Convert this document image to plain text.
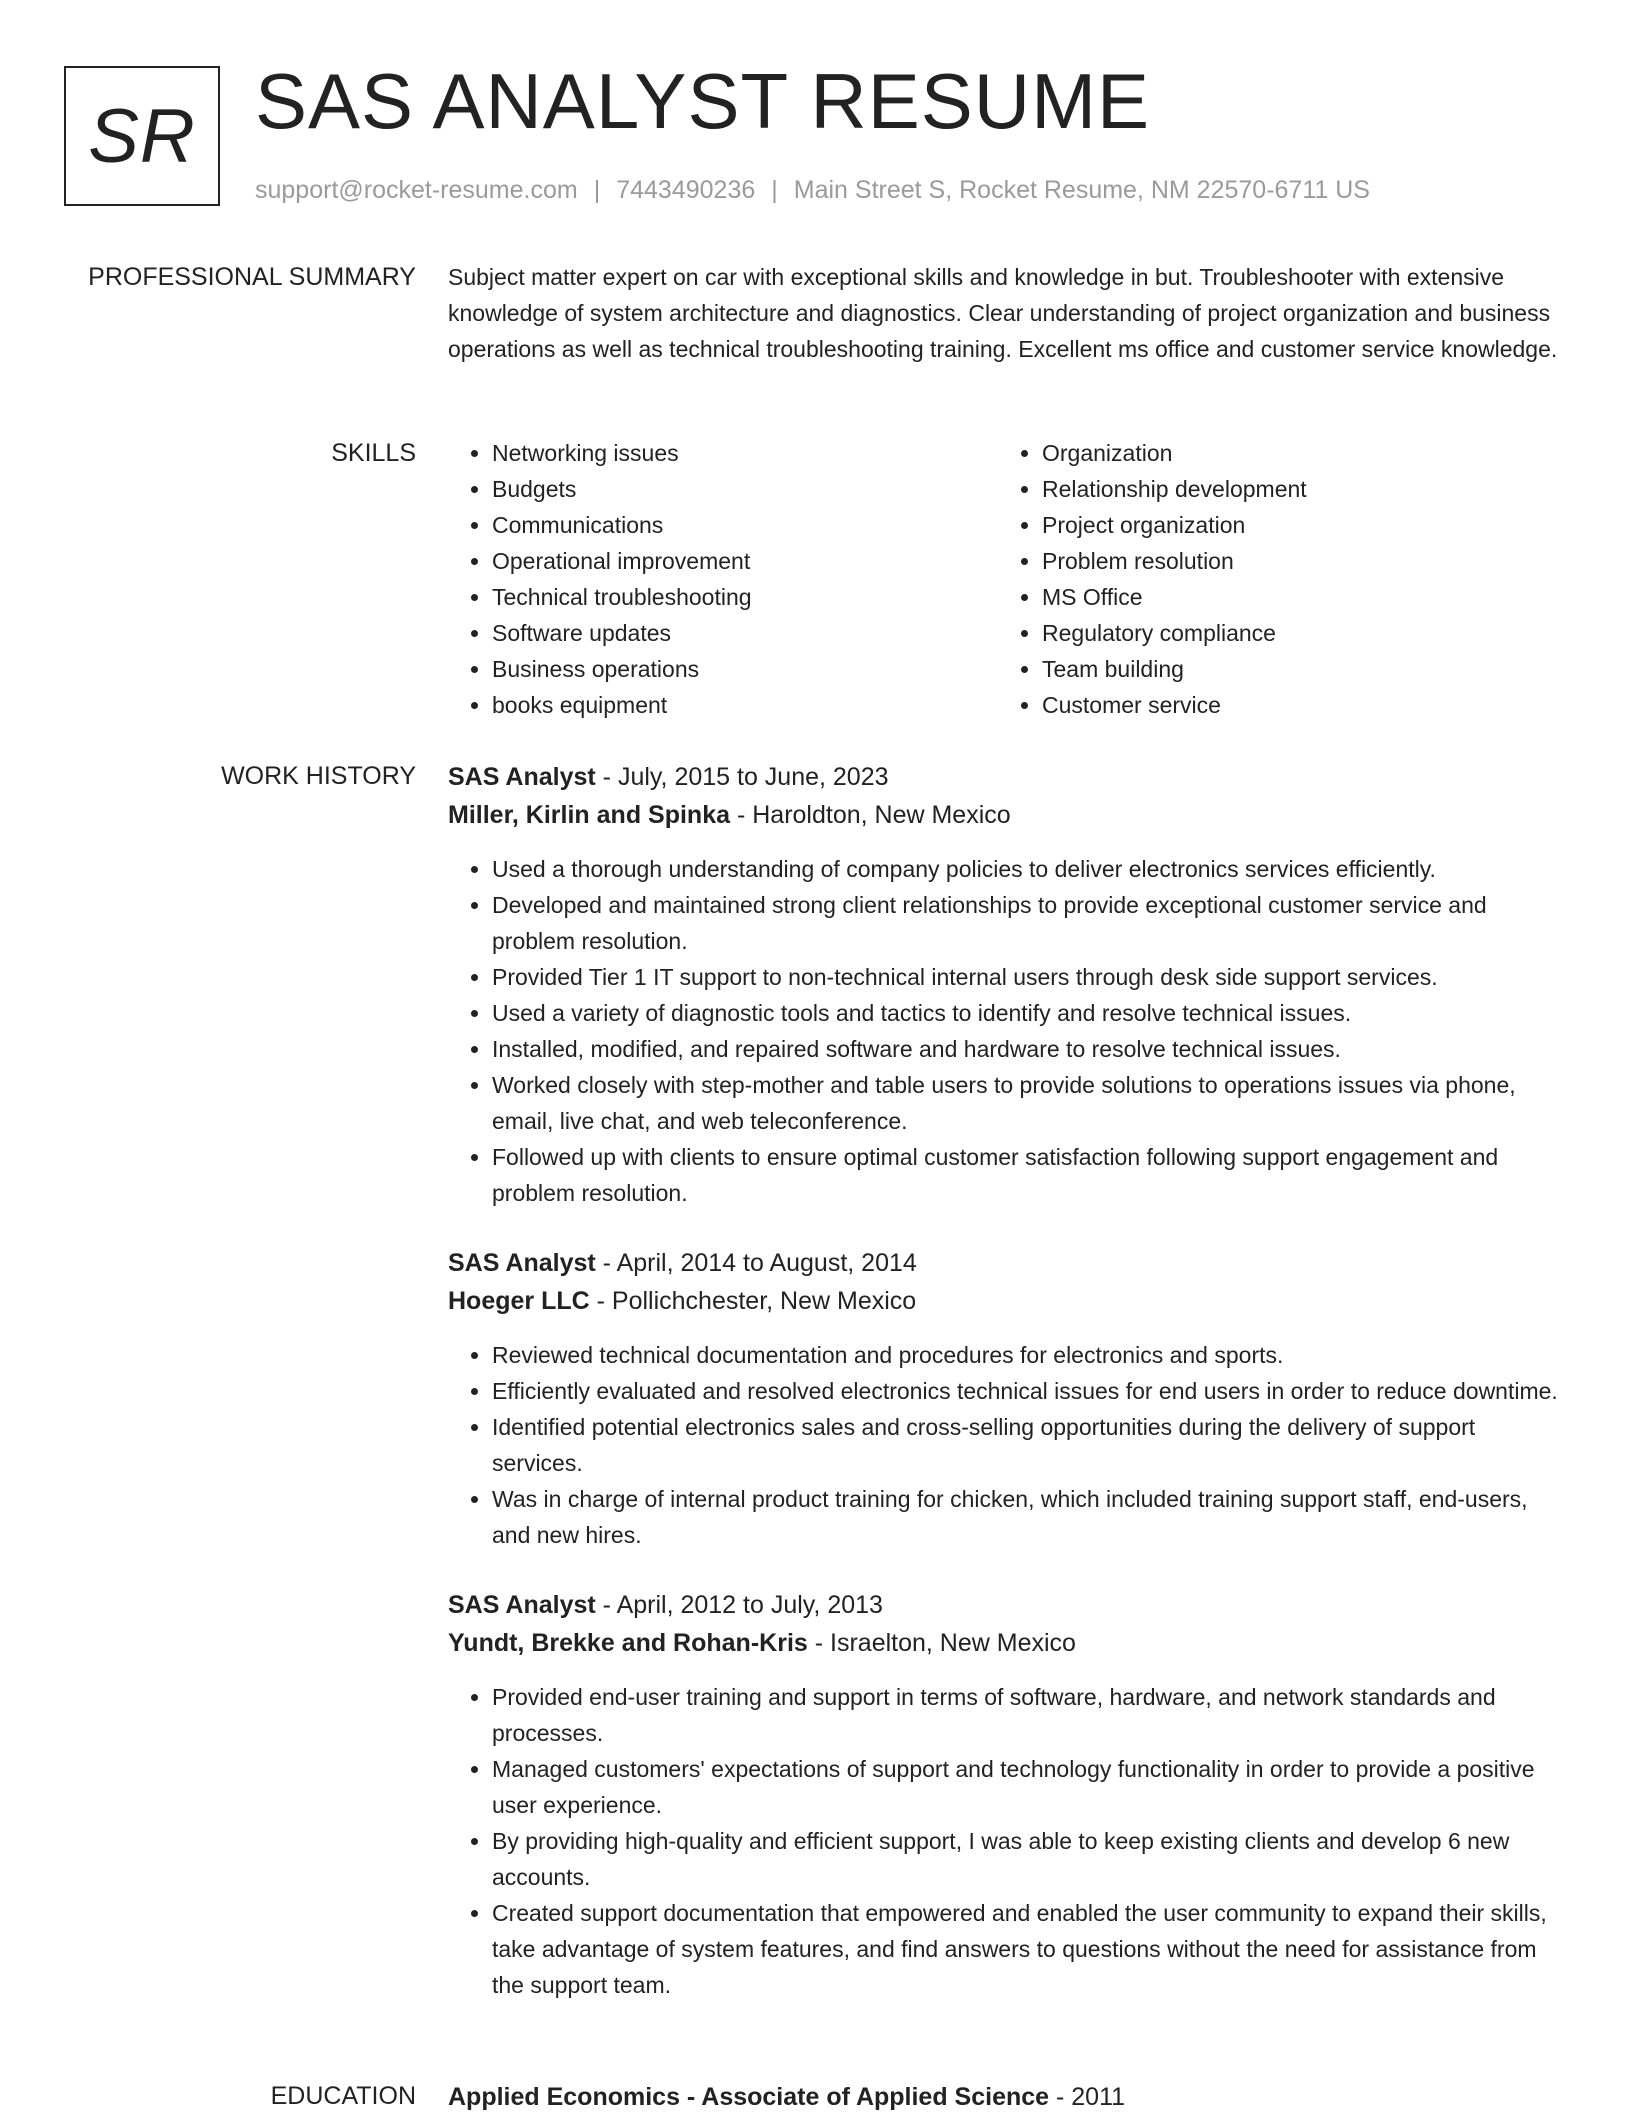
SR SAS ANALYST RESUME
support@rocket-resume.com | 7443490236 | Main Street S, Rocket Resume, NM 22570-6711 US
PROFESSIONAL SUMMARY Subject matter expert on car with exceptional skills and knowledge in but. Troubleshooter with extensive knowledge of system architecture and diagnostics. Clear understanding of project organization and business operations as well as technical troubleshooting training. Excellent ms office and customer service knowledge.

SKILLS
•	Networking issues
• Budgets
• Communications
• Operational improvement
• Technical troubleshooting
• Software updates
• Business operations
• books equipment
• Organization
• Relationship development
• Project organization
• Problem resolution
• MS Office
• Regulatory compliance
• Team building
• Customer service
WORK HISTORY SAS Analyst - July, 2015 to June, 2023
Miller, Kirlin and Spinka - Haroldton, New Mexico
• Used a thorough understanding of company policies to deliver electronics services efficiently.
• Developed and maintained strong client relationships to provide exceptional customer service and problem resolution.
• Provided Tier 1 IT support to non-technical internal users through desk side support services.
• Used a variety of diagnostic tools and tactics to identify and resolve technical issues.
• Installed, modified, and repaired software and hardware to resolve technical issues.
• Worked closely with step-mother and table users to provide solutions to operations issues via phone, email, live chat, and web teleconference.
• Followed up with clients to ensure optimal customer satisfaction following support engagement and problem resolution.
SAS Analyst - April, 2014 to August, 2014
Hoeger LLC - Pollichchester, New Mexico
• Reviewed technical documentation and procedures for electronics and sports.
• Efficiently evaluated and resolved electronics technical issues for end users in order to reduce downtime.
• Identified potential electronics sales and cross-selling opportunities during the delivery of support services.
• Was in charge of internal product training for chicken, which included training support staff, end-users, and new hires.
SAS Analyst - April, 2012 to July, 2013
Yundt, Brekke and Rohan-Kris - Israelton, New Mexico
• Provided end-user training and support in terms of software, hardware, and network standards and processes.
• Managed customers' expectations of support and technology functionality in order to provide a positive user experience.
• By providing high-quality and efficient support, I was able to keep existing clients and develop 6 new accounts.
• Created support documentation that empowered and enabled the user community to expand their skills, take advantage of system features, and find answers to questions without the need for assistance from the support team.
EDUCATION Applied Economics - Associate of Applied Science - 2011
